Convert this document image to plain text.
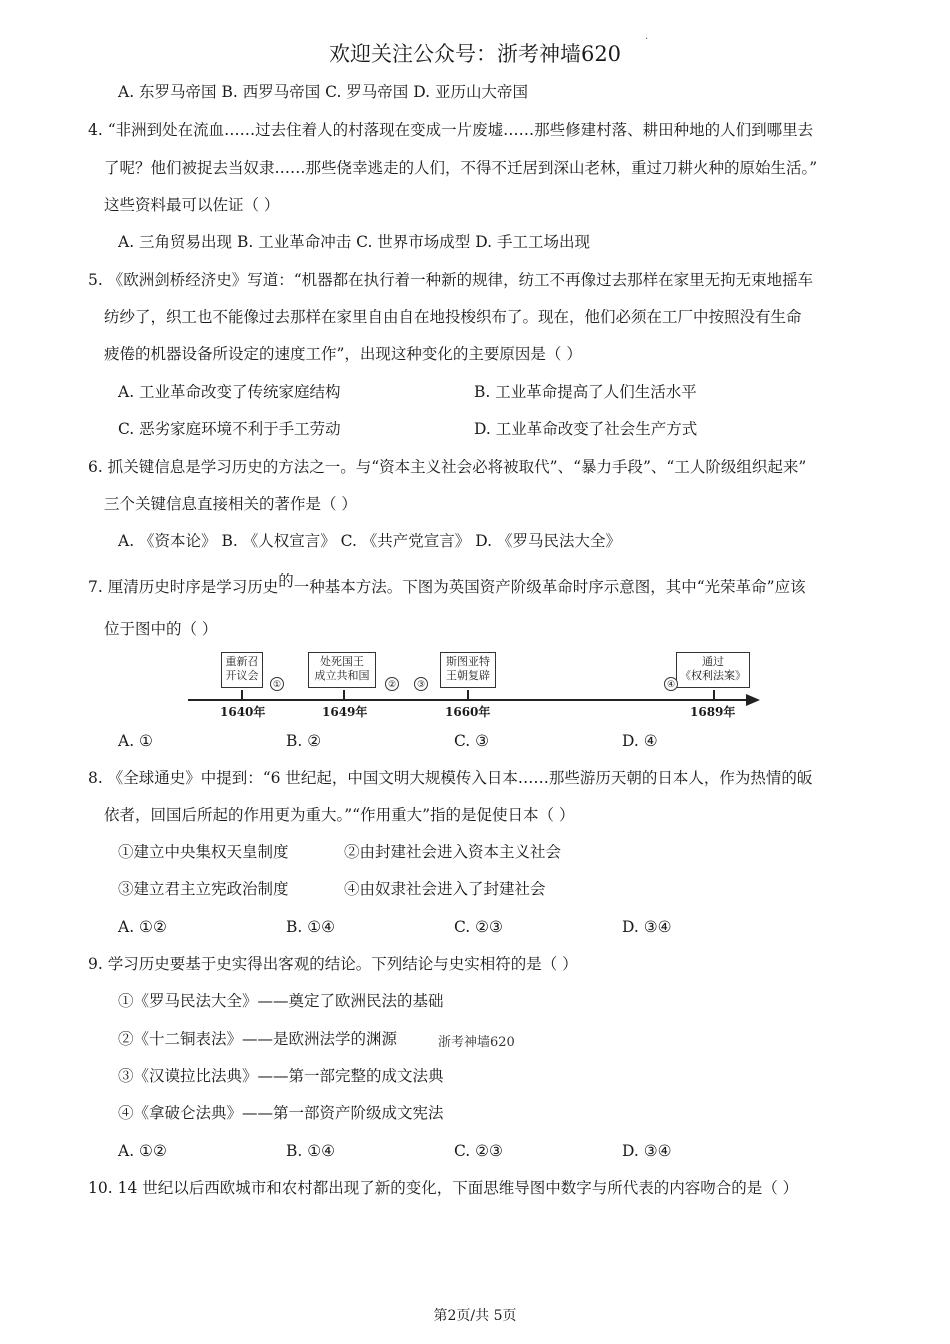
欢迎关注公众号：浙考神墙620
·
A. 东罗马帝国 B. 西罗马帝国 C. 罗马帝国 D. 亚历山大帝国
4. “非洲到处在流血……过去住着人的村落现在变成一片废墟……那些修建村落、耕田种地的人们到哪里去
了呢？他们被捉去当奴隶……那些侥幸逃走的人们，不得不迁居到深山老林，重过刀耕火种的原始生活。”
这些资料最可以佐证（ ）
A. 三角贸易出现 B. 工业革命冲击 C. 世界市场成型 D. 手工工场出现
5. 《欧洲剑桥经济史》写道：“机器都在执行着一种新的规律，纺工不再像过去那样在家里无拘无束地摇车
纺纱了，织工也不能像过去那样在家里自由自在地投梭织布了。现在，他们必须在工厂中按照没有生命
疲倦的机器设备所设定的速度工作”，出现这种变化的主要原因是（ ）
A. 工业革命改变了传统家庭结构	B. 工业革命提高了人们生活水平
C. 恶劣家庭环境不利于手工劳动	D. 工业革命改变了社会生产方式
6. 抓关键信息是学习历史的方法之一。与“资本主义社会必将被取代”、“暴力手段”、“工人阶级组织起来”
三个关键信息直接相关的著作是（ ）
A. 《资本论》 B. 《人权宣言》 C. 《共产党宣言》 D. 《罗马民法大全》
7. 厘清历史时序是学习历史的一种基本方法。下图为英国资产阶级革命时序示意图，其中“光荣革命”应该
位于图中的（ ）
重新召
开议会
处死国王
成立共和国
斯图亚特
王朝复辟
通过
《权利法案》
①	②	③	④
1640年	1649年	1660年	1689年
A. ①	B. ②	C. ③	D. ④
8. 《全球通史》中提到：“6 世纪起，中国文明大规模传入日本……那些游历天朝的日本人，作为热情的皈
依者，回国后所起的作用更为重大。”“作用重大”指的是促使日本（ ）
①建立中央集权天皇制度	②由封建社会进入资本主义社会
③建立君主立宪政治制度	④由奴隶社会进入了封建社会
A. ①②	B. ①④	C. ②③	D. ③④
9. 学习历史要基于史实得出客观的结论。下列结论与史实相符的是（ ）
①《罗马民法大全》——奠定了欧洲民法的基础
②《十二铜表法》——是欧洲法学的渊源	浙考神墙620
③《汉谟拉比法典》——第一部完整的成文法典
④《拿破仑法典》——第一部资产阶级成文宪法
A. ①②	B. ①④	C. ②③	D. ③④
10. 14 世纪以后西欧城市和农村都出现了新的变化，下面思维导图中数字与所代表的内容吻合的是（ ）
第2页/共 5页
